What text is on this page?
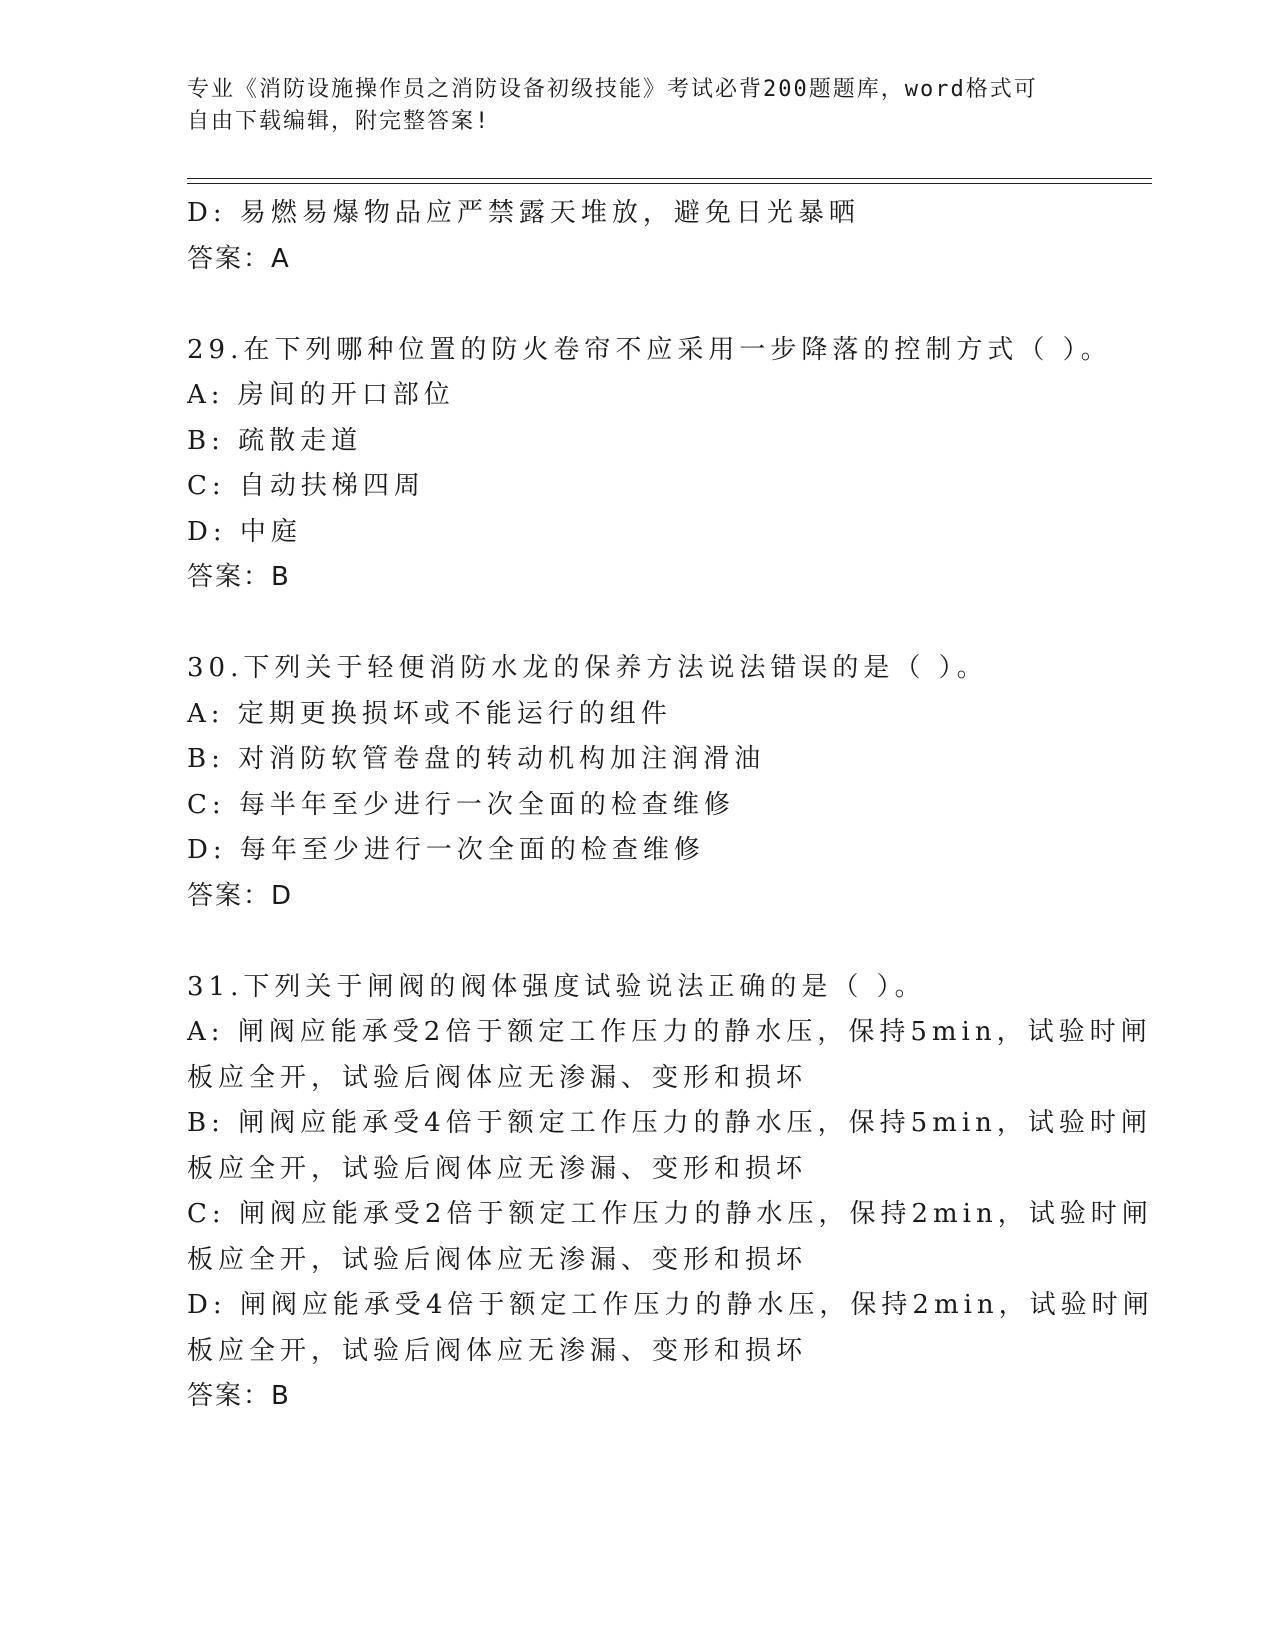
专业《消防设施操作员之消防设备初级技能》考试必背200题题库，word格式可
自由下载编辑，附完整答案!
D: 易燃易爆物品应严禁露天堆放，避免日光暴晒
答案：A
29.在下列哪种位置的防火卷帘不应采用一步降落的控制方式（ ）。
A: 房间的开口部位
B: 疏散走道
C: 自动扶梯四周
D: 中庭
答案：B
30.下列关于轻便消防水龙的保养方法说法错误的是（ ）。
A: 定期更换损坏或不能运行的组件
B: 对消防软管卷盘的转动机构加注润滑油
C: 每半年至少进行一次全面的检查维修
D: 每年至少进行一次全面的检查维修
答案：D
31.下列关于闸阀的阀体强度试验说法正确的是（ ）。
A: 闸阀应能承受2倍于额定工作压力的静水压，保持5min，试验时闸
板应全开，试验后阀体应无渗漏、变形和损坏
B: 闸阀应能承受4倍于额定工作压力的静水压，保持5min，试验时闸
板应全开，试验后阀体应无渗漏、变形和损坏
C: 闸阀应能承受2倍于额定工作压力的静水压，保持2min，试验时闸
板应全开，试验后阀体应无渗漏、变形和损坏
D: 闸阀应能承受4倍于额定工作压力的静水压，保持2min，试验时闸
板应全开，试验后阀体应无渗漏、变形和损坏
答案：B
